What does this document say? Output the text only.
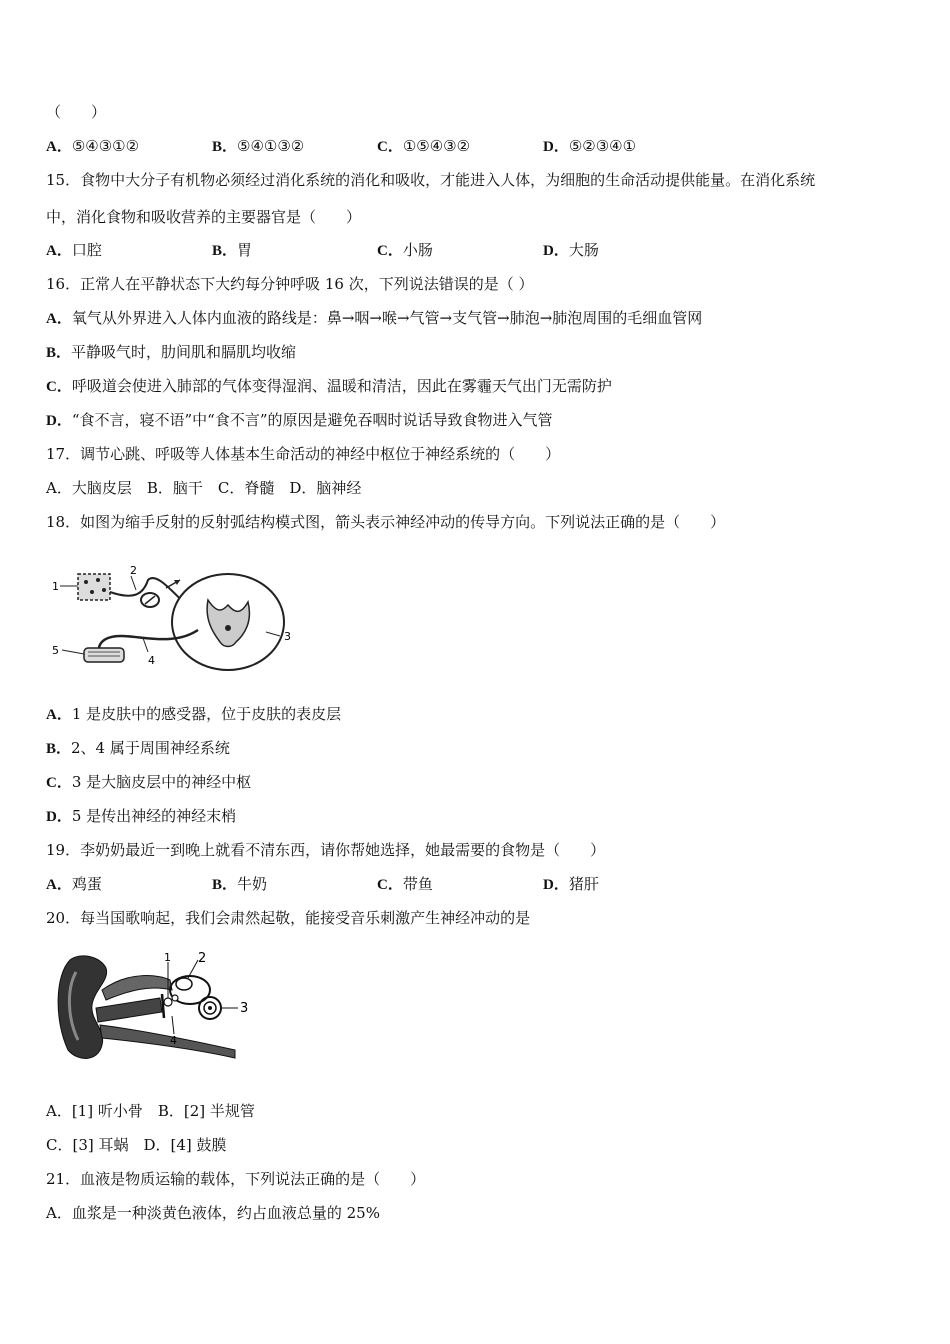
（　　）
A．⑤④③①②	B．⑤④①③②	C．①⑤④③②	D．⑤②③④①
15．食物中大分子有机物必须经过消化系统的消化和吸收，才能进入人体，为细胞的生命活动提供能量。在消化系统
中，消化食物和吸收营养的主要器官是（　　）
A．口腔	B．胃	C．小肠	D．大肠
16．正常人在平静状态下大约每分钟呼吸 16 次，下列说法错误的是（ ）
A．氧气从外界进入人体内血液的路线是：鼻→咽→喉→气管→支气管→肺泡→肺泡周围的毛细血管网
B．平静吸气时，肋间肌和膈肌均收缩
C．呼吸道会使进入肺部的气体变得湿润、温暖和清洁，因此在雾霾天气出门无需防护
D．“食不言，寝不语”中“食不言”的原因是避免吞咽时说话导致食物进入气管
17．调节心跳、呼吸等人体基本生命活动的神经中枢位于神经系统的（　　）
A．大脑皮层　B．脑干　C．脊髓　D．脑神经
18．如图为缩手反射的反射弧结构模式图，箭头表示神经冲动的传导方向。下列说法正确的是（　　）
1
2
3
4
5
A．1 是皮肤中的感受器，位于皮肤的表皮层
B．2、4 属于周围神经系统
C．3 是大脑皮层中的神经中枢
D．5 是传出神经的神经末梢
19．李奶奶最近一到晚上就看不清东西，请你帮她选择，她最需要的食物是（　　）
A．鸡蛋	B．牛奶	C．带鱼	D．猪肝
20．每当国歌响起，我们会肃然起敬，能接受音乐刺激产生神经冲动的是
1 2
3
4
A．[1] 听小骨　B．[2] 半规管
C．[3] 耳蜗　D．[4] 鼓膜
21．血液是物质运输的载体，下列说法正确的是（　　）
A．血浆是一种淡黄色液体，约占血液总量的 25%
